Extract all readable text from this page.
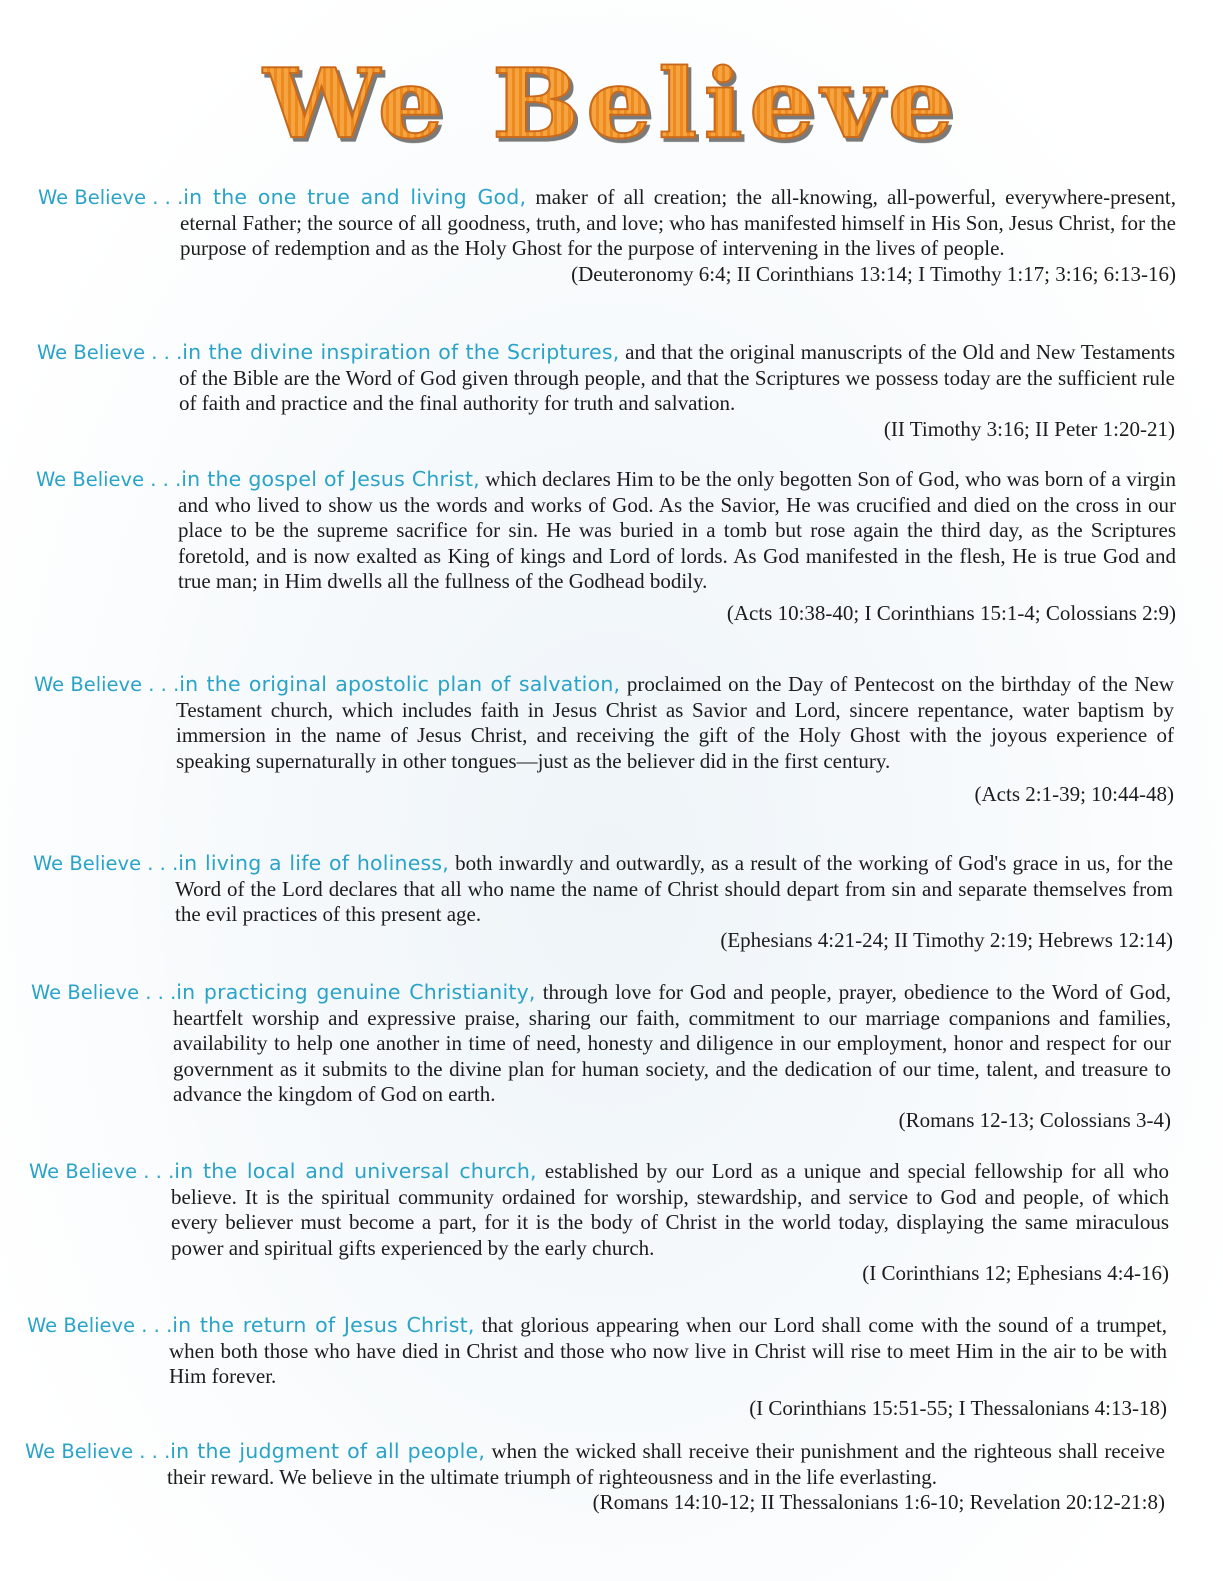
We Believe

We Believe . . .in the one true and living God, maker of all creation; the all-knowing, all-powerful, everywhere-present, eternal Father; the source of all goodness, truth, and love; who has manifested himself in His Son, Jesus Christ, for the purpose of redemption and as the Holy Ghost for the purpose of intervening in the lives of people.

(Deuteronomy 6:4; II Corinthians 13:14; I Timothy 1:17; 3:16; 6:13-16)

We Believe . . .in the divine inspiration of the Scriptures, and that the original manuscripts of the Old and New Testaments of the Bible are the Word of God given through people, and that the Scriptures we possess today are the sufficient rule of faith and practice and the final authority for truth and salvation.

(II Timothy 3:16; II Peter 1:20-21)

We Believe . . .in the gospel of Jesus Christ, which declares Him to be the only begotten Son of God, who was born of a virgin and who lived to show us the words and works of God. As the Savior, He was crucified and died on the cross in our place to be the supreme sacrifice for sin. He was buried in a tomb but rose again the third day, as the Scriptures foretold, and is now exalted as King of kings and Lord of lords. As God manifested in the flesh, He is true God and true man; in Him dwells all the fullness of the Godhead bodily.

(Acts 10:38-40; I Corinthians 15:1-4; Colossians 2:9)

We Believe . . .in the original apostolic plan of salvation, proclaimed on the Day of Pentecost on the birthday of the New Testament church, which includes faith in Jesus Christ as Savior and Lord, sincere repentance, water baptism by immersion in the name of Jesus Christ, and receiving the gift of the Holy Ghost with the joyous experience of speaking supernaturally in other tongues—just as the believer did in the first century.

(Acts 2:1-39; 10:44-48)

We Believe . . .in living a life of holiness, both inwardly and outwardly, as a result of the working of God's grace in us, for the Word of the Lord declares that all who name the name of Christ should depart from sin and separate themselves from the evil practices of this present age.

(Ephesians 4:21-24; II Timothy 2:19; Hebrews 12:14)

We Believe . . .in practicing genuine Christianity, through love for God and people, prayer, obedience to the Word of God, heartfelt worship and expressive praise, sharing our faith, commitment to our marriage companions and families, availability to help one another in time of need, honesty and diligence in our employment, honor and respect for our government as it submits to the divine plan for human society, and the dedication of our time, talent, and treasure to advance the kingdom of God on earth.

(Romans 12-13; Colossians 3-4)

We Believe . . .in the local and universal church, established by our Lord as a unique and special fellowship for all who believe. It is the spiritual community ordained for worship, stewardship, and service to God and people, of which every believer must become a part, for it is the body of Christ in the world today, displaying the same miraculous power and spiritual gifts experienced by the early church.

(I Corinthians 12; Ephesians 4:4-16)

We Believe . . .in the return of Jesus Christ, that glorious appearing when our Lord shall come with the sound of a trumpet, when both those who have died in Christ and those who now live in Christ will rise to meet Him in the air to be with Him forever.

(I Corinthians 15:51-55; I Thessalonians 4:13-18)

We Believe . . .in the judgment of all people, when the wicked shall receive their punishment and the righteous shall receive their reward. We believe in the ultimate triumph of righteousness and in the life everlasting.

(Romans 14:10-12; II Thessalonians 1:6-10; Revelation 20:12-21:8)
